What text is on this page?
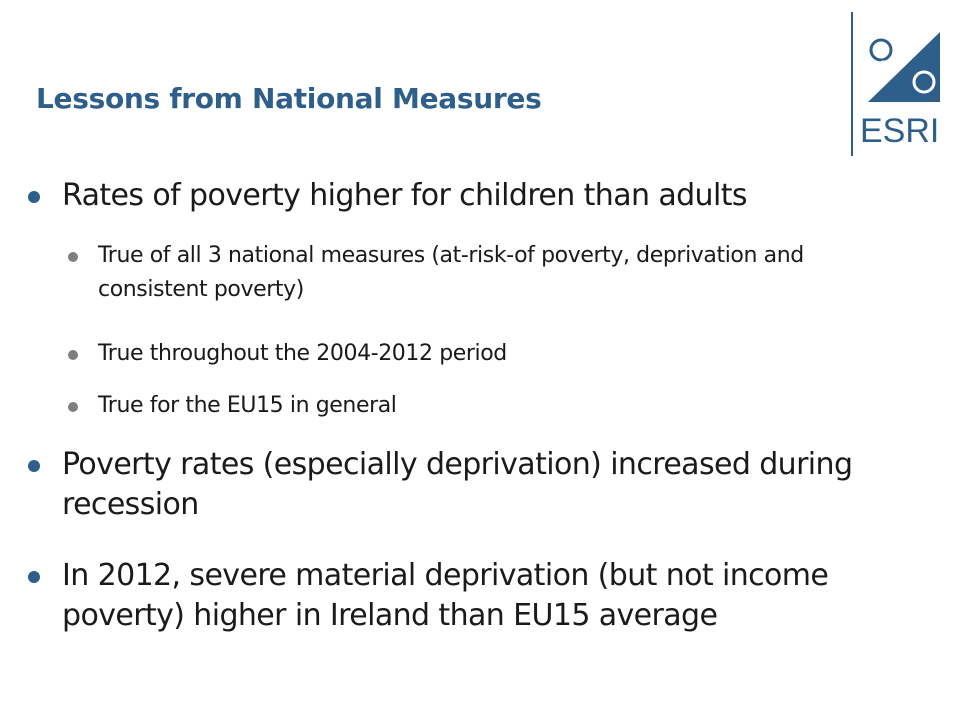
Lessons from National Measures
ESRI
Rates of poverty higher for children than adults
True of all 3 national measures (at-risk-of poverty, deprivation and consistent poverty)
True throughout the 2004-2012 period
True for the EU15 in general
Poverty rates (especially deprivation) increased during recession
In 2012, severe material deprivation (but not income poverty) higher in Ireland than EU15 average
